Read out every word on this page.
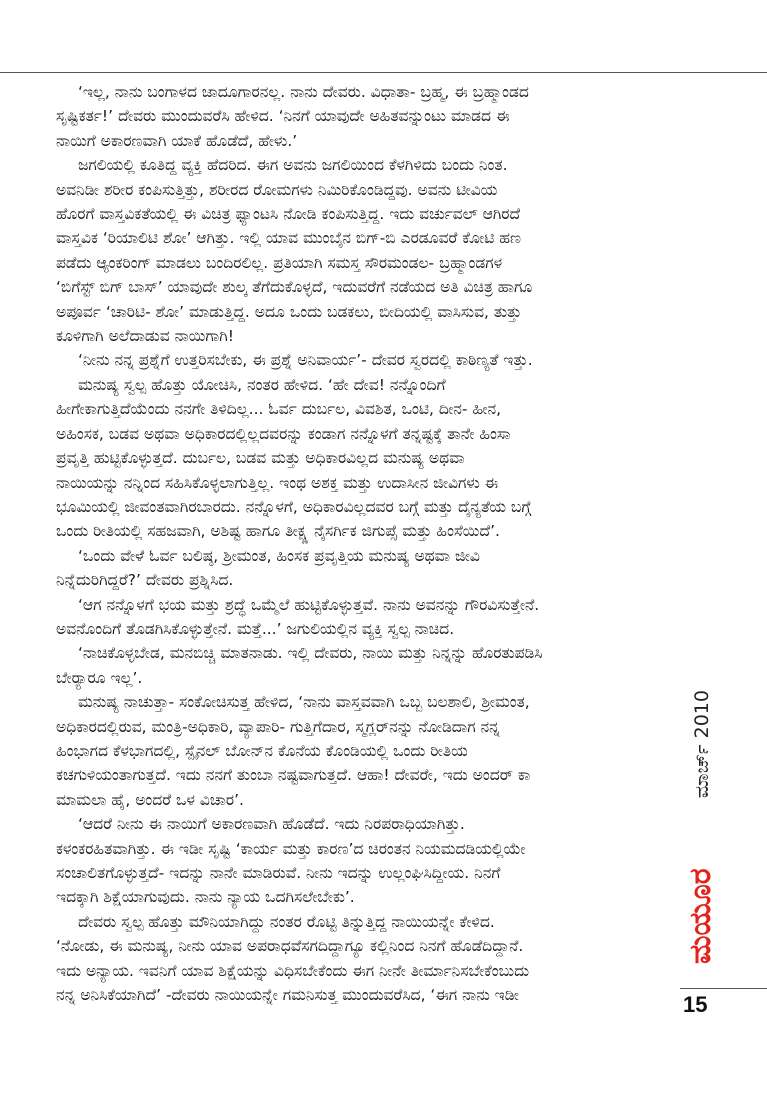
‘ಇಲ್ಲ, ನಾನು ಬಂಗಾಳದ ಜಾದೂಗಾರನಲ್ಲ. ನಾನು ದೇವರು. ವಿಧಾತಾ- ಬ್ರಹ್ಮ, ಈ ಬ್ರಹ್ಮಾಂಡದ
ಸೃಷ್ಟಿಕರ್ತ!’ ದೇವರು ಮುಂದುವರೆಸಿ ಹೇಳಿದ. ‘ನಿನಗೆ ಯಾವುದೇ ಅಹಿತವನ್ನುಂಟು ಮಾಡದ ಈ
ನಾಯಿಗೆ ಅಕಾರಣವಾಗಿ ಯಾಕೆ ಹೊಡೆದೆ, ಹೇಳು.’

ಜಗಲಿಯಲ್ಲಿ ಕೂತಿದ್ದ ವ್ಯಕ್ತಿ ಹೆದರಿದ. ಈಗ ಅವನು ಜಗಲಿಯಿಂದ ಕೆಳಗಿಳಿದು ಬಂದು ನಿಂತ.
ಅವನಿಡೀ ಶರೀರ ಕಂಪಿಸುತ್ತಿತ್ತು, ಶರೀರದ ರೋಮಗಳು ನಿಮಿರಿಕೊಂಡಿದ್ದವು. ಅವನು ಟೀವಿಯ
ಹೊರಗೆ ವಾಸ್ತವಿಕತೆಯಲ್ಲಿ ಈ ವಿಚಿತ್ರ ಫ್ಯಾಂಟಸಿ ನೋಡಿ ಕಂಪಿಸುತ್ತಿದ್ದ. ಇದು ವರ್ಚುವಲ್ ಆಗಿರದೆ
ವಾಸ್ತವಿಕ ‘ರಿಯಾಲಿಟಿ ಶೋ’ ಆಗಿತ್ತು. ಇಲ್ಲಿ ಯಾವ ಮುಂಬೈನ ಬಿಗ್-ಬಿ ಎರಡೂವರೆ ಕೋಟಿ ಹಣ
ಪಡೆದು ಆ್ಯಂಕರಿಂಗ್ ಮಾಡಲು ಬಂದಿರಲಿಲ್ಲ. ಪ್ರತಿಯಾಗಿ ಸಮಸ್ತ ಸೌರಮಂಡಲ- ಬ್ರಹ್ಮಾಂಡಗಳ
‘ಬಿಗೆಸ್ಟ್ ಬಿಗ್ ಬಾಸ್’ ಯಾವುದೇ ಶುಲ್ಕ ತೆಗೆದುಕೊಳ್ಳದೆ, ಇದುವರೆಗೆ ನಡೆಯದ ಅತಿ ವಿಚಿತ್ರ ಹಾಗೂ
ಅಪೂರ್ವ ‘ಚಾರಿಟಿ- ಶೋ’ ಮಾಡುತ್ತಿದ್ದ. ಅದೂ ಒಂದು ಬಡಕಲು, ಬೀದಿಯಲ್ಲಿ ವಾಸಿಸುವ, ತುತ್ತು
ಕೂಳಿಗಾಗಿ ಅಲೆದಾಡುವ ನಾಯಿಗಾಗಿ!

‘ನೀನು ನನ್ನ ಪ್ರಶ್ನೆಗೆ ಉತ್ತರಿಸಬೇಕು, ಈ ಪ್ರಶ್ನೆ ಅನಿವಾರ್ಯ’- ದೇವರ ಸ್ವರದಲ್ಲಿ ಕಾಠಿಣ್ಯತೆ ಇತ್ತು.

ಮನುಷ್ಯ ಸ್ವಲ್ಪ ಹೊತ್ತು ಯೋಚಿಸಿ, ನಂತರ ಹೇಳಿದ. ‘ಹೇ ದೇವ! ನನ್ನೊಂದಿಗೆ
ಹೀಗೇಕಾಗುತ್ತಿದೆಯೆಂದು ನನಗೇ ತಿಳಿದಿಲ್ಲ... ಓರ್ವ ದುರ್ಬಲ, ವಿವಶಿತ, ಒಂಟಿ, ದೀನ- ಹೀನ,
ಅಹಿಂಸಕ, ಬಡವ ಅಥವಾ ಅಧಿಕಾರದಲ್ಲಿಲ್ಲದವರನ್ನು ಕಂಡಾಗ ನನ್ನೊಳಗೆ ತನ್ನಷ್ಟಕ್ಕೆ ತಾನೇ ಹಿಂಸಾ
ಪ್ರವೃತ್ತಿ ಹುಟ್ಟಿಕೊಳ್ಳುತ್ತದೆ. ದುರ್ಬಲ, ಬಡವ ಮತ್ತು ಅಧಿಕಾರವಿಲ್ಲದ ಮನುಷ್ಯ ಅಥವಾ
ನಾಯಿಯನ್ನು ನನ್ನಿಂದ ಸಹಿಸಿಕೊಳ್ಳಲಾಗುತ್ತಿಲ್ಲ. ಇಂಥ ಅಶಕ್ತ ಮತ್ತು ಉದಾಸೀನ ಜೀವಿಗಳು ಈ
ಭೂಮಿಯಲ್ಲಿ ಜೀವಂತವಾಗಿರಬಾರದು. ನನ್ನೊಳಗೆ, ಅಧಿಕಾರವಿಲ್ಲದವರ ಬಗ್ಗೆ ಮತ್ತು ದೈನ್ಯತೆಯ ಬಗ್ಗೆ
ಒಂದು ರೀತಿಯಲ್ಲಿ ಸಹಜವಾಗಿ, ಅಶಿಷ್ಟ ಹಾಗೂ ತೀಕ್ಷ್ಣ ನೈಸರ್ಗಿಕ ಜಿಗುಪ್ಸೆ ಮತ್ತು ಹಿಂಸೆಯಿದೆ’.

‘ಒಂದು ವೇಳೆ ಓರ್ವ ಬಲಿಷ್ಠ, ಶ್ರೀಮಂತ, ಹಿಂಸಕ ಪ್ರವೃತ್ತಿಯ ಮನುಷ್ಯ ಅಥವಾ ಜೀವಿ
ನಿನ್ನೆದುರಿಗಿದ್ದರೆ?’ ದೇವರು ಪ್ರಶ್ನಿಸಿದ.

‘ಆಗ ನನ್ನೊಳಗೆ ಭಯ ಮತ್ತು ಶ್ರದ್ಧೆ ಒಮ್ಮೆಲೆ ಹುಟ್ಟಿಕೊಳ್ಳುತ್ತವೆ. ನಾನು ಅವನನ್ನು ಗೌರವಿಸುತ್ತೇನೆ.
ಅವನೊಂದಿಗೆ ತೊಡಗಿಸಿಕೊಳ್ಳುತ್ತೇನೆ. ಮತ್ತೆ...’ ಜಗುಲಿಯಲ್ಲಿನ ವ್ಯಕ್ತಿ ಸ್ವಲ್ಪ ನಾಚಿದ.

‘ನಾಚಿಕೊಳ್ಳಬೇಡ, ಮನಬಿಚ್ಚಿ ಮಾತನಾಡು. ಇಲ್ಲಿ ದೇವರು, ನಾಯಿ ಮತ್ತು ನಿನ್ನನ್ನು ಹೊರತುಪಡಿಸಿ
ಬೇರ್‍ಯಾರೂ ಇಲ್ಲ’.

ಮನುಷ್ಯ ನಾಚುತ್ತಾ- ಸಂಕೋಚಿಸುತ್ತ ಹೇಳಿದ, ‘ನಾನು ವಾಸ್ತವವಾಗಿ ಒಬ್ಬ ಬಲಶಾಲಿ, ಶ್ರೀಮಂತ,
ಅಧಿಕಾರದಲ್ಲಿರುವ, ಮಂತ್ರಿ-ಅಧಿಕಾರಿ, ವ್ಯಾಪಾರಿ- ಗುತ್ತಿಗೆದಾರ, ಸ್ಮಗ್ಲರ್‌ನನ್ನು ನೋಡಿದಾಗ ನನ್ನ
ಹಿಂಭಾಗದ ಕೆಳಭಾಗದಲ್ಲಿ, ಸ್ಪೈನಲ್ ಬೋನ್‌ನ ಕೊನೆಯ ಕೊಂಡಿಯಲ್ಲಿ ಒಂದು ರೀತಿಯ
ಕಚಗುಳಿಯಂತಾಗುತ್ತದೆ. ಇದು ನನಗೆ ತುಂಬಾ ನಷ್ಟವಾಗುತ್ತದೆ. ಆಹಾ! ದೇವರೇ, ಇದು ಅಂದರ್ ಕಾ
ಮಾಮಲಾ ಹೈ, ಅಂದರೆ ಒಳ ವಿಚಾರ’.

‘ಆದರೆ ನೀನು ಈ ನಾಯಿಗೆ ಅಕಾರಣವಾಗಿ ಹೊಡೆದೆ. ಇದು ನಿರಪರಾಧಿಯಾಗಿತ್ತು.
ಕಳಂಕರಹಿತವಾಗಿತ್ತು. ಈ ಇಡೀ ಸೃಷ್ಟಿ ‘ಕಾರ್ಯ ಮತ್ತು ಕಾರಣ’ದ ಚಿರಂತನ ನಿಯಮದಡಿಯಲ್ಲಿಯೇ
ಸಂಚಾಲಿತಗೊಳ್ಳುತ್ತದೆ- ಇದನ್ನು ನಾನೇ ಮಾಡಿರುವೆ. ನೀನು ಇದನ್ನು ಉಲ್ಲಂಘಿಸಿದ್ದೀಯ. ನಿನಗೆ
ಇದಕ್ಕಾಗಿ ಶಿಕ್ಷೆಯಾಗುವುದು. ನಾನು ನ್ಯಾಯ ಒದಗಿಸಲೇಬೇಕು’.

ದೇವರು ಸ್ವಲ್ಪ ಹೊತ್ತು ಮೌನಿಯಾಗಿದ್ದು ನಂತರ ರೊಟ್ಟಿ ತಿನ್ನುತ್ತಿದ್ದ ನಾಯಿಯನ್ನೇ ಕೇಳಿದ.
‘ನೋಡು, ಈ ಮನುಷ್ಯ, ನೀನು ಯಾವ ಅಪರಾಧವೆಸಗದಿದ್ದಾಗ್ಯೂ ಕಲ್ಲಿನಿಂದ ನಿನಗೆ ಹೊಡೆದಿದ್ದಾನೆ.
ಇದು ಅನ್ಯಾಯ. ಇವನಿಗೆ ಯಾವ ಶಿಕ್ಷೆಯನ್ನು ವಿಧಿಸಬೇಕೆಂದು ಈಗ ನೀನೇ ತೀರ್ಮಾನಿಸಬೇಕೆಂಬುದು
ನನ್ನ ಅನಿಸಿಕೆಯಾಗಿದೆ’ -ದೇವರು ನಾಯಿಯನ್ನೇ ಗಮನಿಸುತ್ತ ಮುಂದುವರೆಸಿದ, ‘ಈಗ ನಾನು ಇಡೀ

ಮಾರ್ಚ್ 2010
ಮಯೂರ
15
